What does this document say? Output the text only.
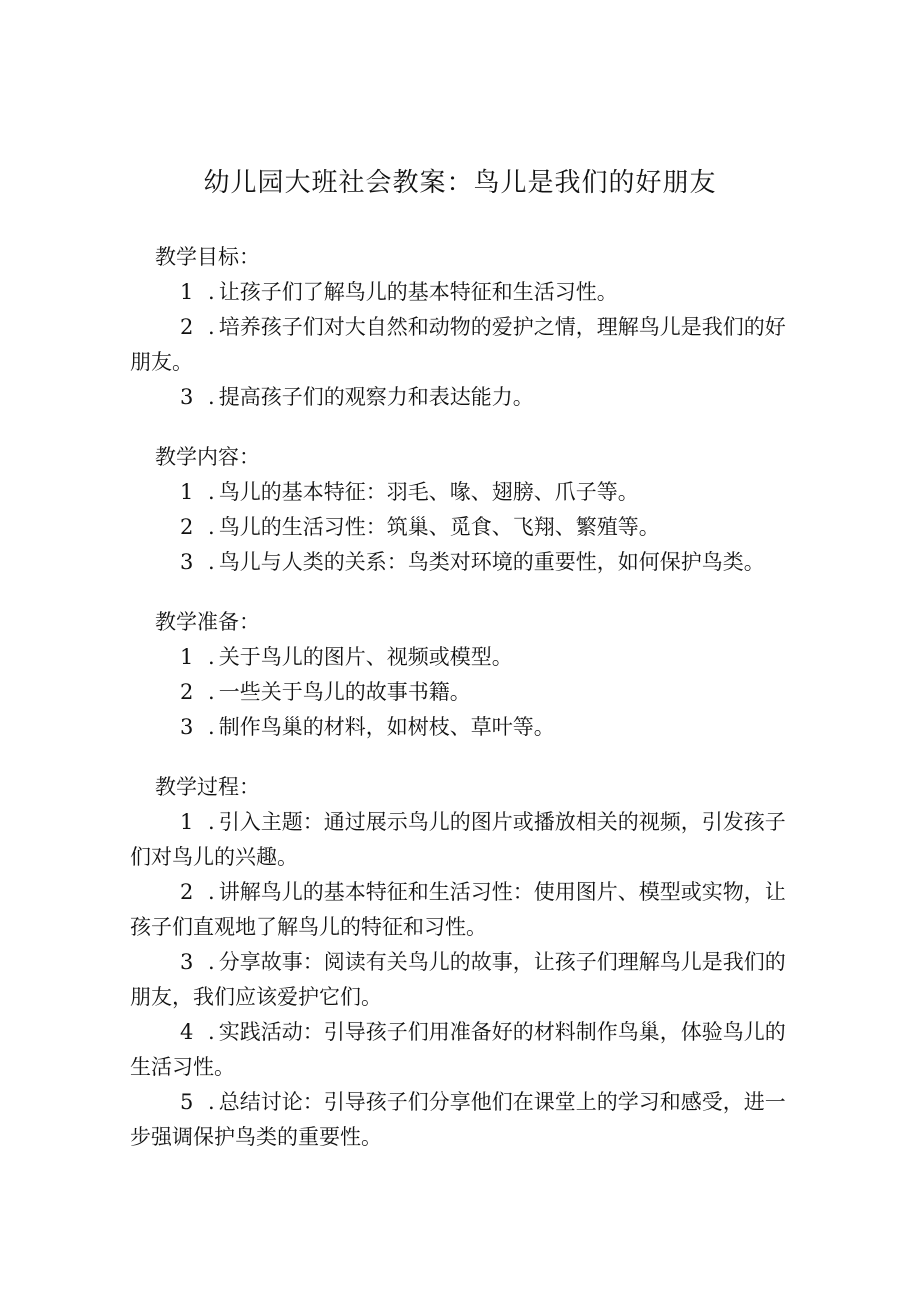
幼儿园大班社会教案：鸟儿是我们的好朋友

教学目标：

1 .让孩子们了解鸟儿的基本特征和生活习性。

2 .培养孩子们对大自然和动物的爱护之情，理解鸟儿是我们的好朋友。

3 .提高孩子们的观察力和表达能力。

教学内容：

1 .鸟儿的基本特征：羽毛、喙、翅膀、爪子等。

2 .鸟儿的生活习性：筑巢、觅食、飞翔、繁殖等。

3 .鸟儿与人类的关系：鸟类对环境的重要性，如何保护鸟类。

教学准备：

1 .关于鸟儿的图片、视频或模型。

2 .一些关于鸟儿的故事书籍。

3 .制作鸟巢的材料，如树枝、草叶等。

教学过程：

1 .引入主题：通过展示鸟儿的图片或播放相关的视频，引发孩子们对鸟儿的兴趣。

2 .讲解鸟儿的基本特征和生活习性：使用图片、模型或实物，让孩子们直观地了解鸟儿的特征和习性。

3 .分享故事：阅读有关鸟儿的故事，让孩子们理解鸟儿是我们的朋友，我们应该爱护它们。

4 .实践活动：引导孩子们用准备好的材料制作鸟巢，体验鸟儿的生活习性。

5 .总结讨论：引导孩子们分享他们在课堂上的学习和感受，进一步强调保护鸟类的重要性。
